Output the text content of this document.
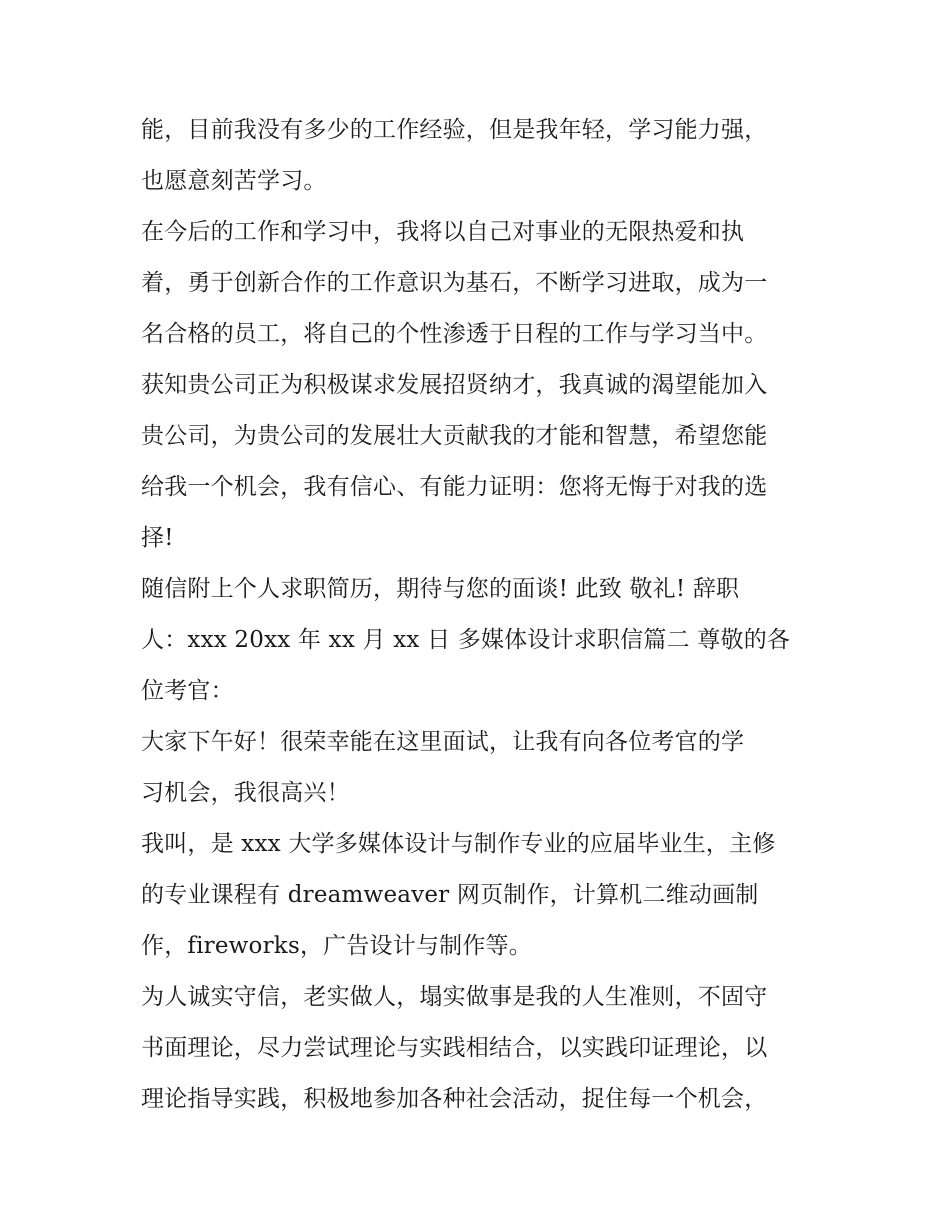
能，目前我没有多少的工作经验，但是我年轻，学习能力强，
也愿意刻苦学习。
在今后的工作和学习中，我将以自己对事业的无限热爱和执
着，勇于创新合作的工作意识为基石，不断学习进取，成为一
名合格的员工，将自己的个性渗透于日程的工作与学习当中。
获知贵公司正为积极谋求发展招贤纳才，我真诚的渴望能加入
贵公司，为贵公司的发展壮大贡献我的才能和智慧，希望您能
给我一个机会，我有信心、有能力证明：您将无悔于对我的选
择!
随信附上个人求职简历，期待与您的面谈! 此致 敬礼! 辞职
人：xxx 20xx 年 xx 月 xx 日 多媒体设计求职信篇二 尊敬的各
位考官：
大家下午好！很荣幸能在这里面试，让我有向各位考官的学
习机会，我很高兴！
我叫，是 xxx 大学多媒体设计与制作专业的应届毕业生，主修
的专业课程有 dreamweaver 网页制作，计算机二维动画制
作，fireworks，广告设计与制作等。
为人诚实守信，老实做人，塌实做事是我的人生准则，不固守
书面理论，尽力尝试理论与实践相结合，以实践印证理论，以
理论指导实践，积极地参加各种社会活动，捉住每一个机会，
